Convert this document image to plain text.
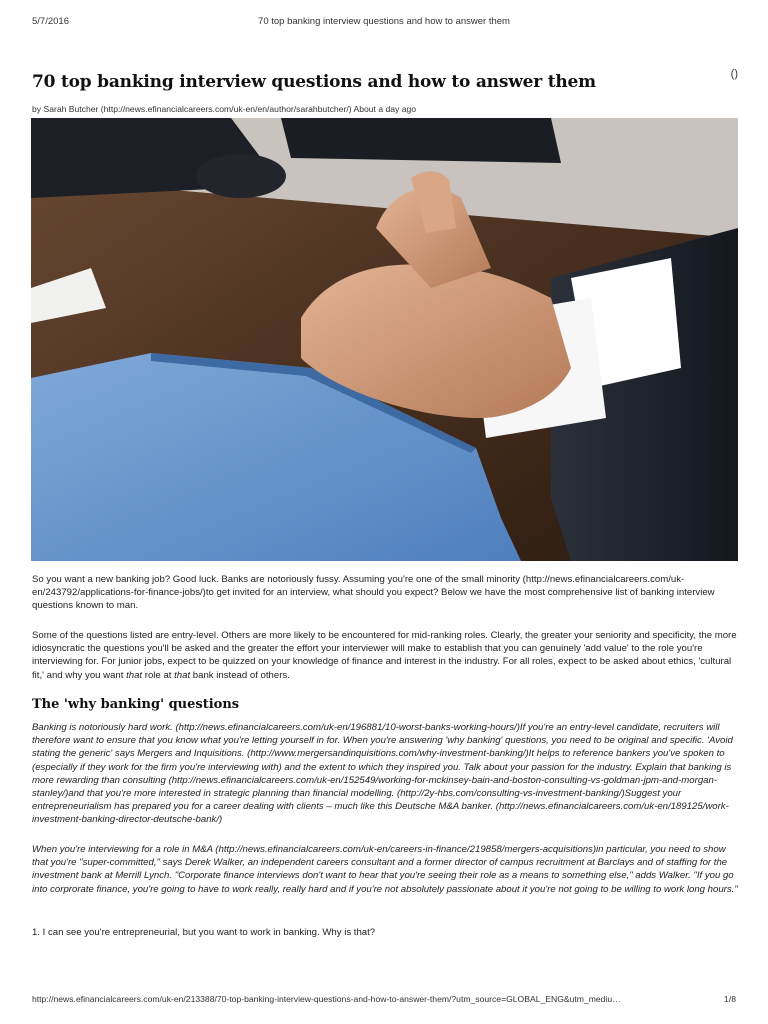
5/7/2016	70 top banking interview questions and how to answer them
()
70 top banking interview questions and how to answer them
by Sarah Butcher (http://news.efinancialcareers.com/uk-en/en/author/sarahbutcher/) About a day ago

So you want a new banking job? Good luck. Banks are notoriously fussy. Assuming you're one of the small minority (http://news.efinancialcareers.com/uk-en/243792/applications-for-finance-jobs/)to get invited for an interview, what should you expect? Below we have the most comprehensive list of banking interview questions known to man.

Some of the questions listed are entry-level. Others are more likely to be encountered for mid-ranking roles. Clearly, the greater your seniority and specificity, the more idiosyncratic the questions you'll be asked and the greater the effort your interviewer will make to establish that you can genuinely 'add value' to the role you're interviewing for. For junior jobs, expect to be quizzed on your knowledge of finance and interest in the industry. For all roles, expect to be asked about ethics, 'cultural fit,' and why you want that role at that bank instead of others.

The 'why banking' questions

Banking is notoriously hard work. (http://news.efinancialcareers.com/uk-en/196881/10-worst-banks-working-hours/)If you're an entry-level candidate, recruiters will therefore want to ensure that you know what you're letting yourself in for. When you're answering 'why banking' questions, you need to be original and specific. 'Avoid stating the generic' says Mergers and Inquisitions. (http://www.mergersandinquisitions.com/why-investment-banking/)It helps to reference bankers you've spoken to (especially if they work for the firm you're interviewing with) and the extent to which they inspired you. Talk about your passion for the industry. Explain that banking is more rewarding than consulting (http://news.efinancialcareers.com/uk-en/152549/working-for-mckinsey-bain-and-boston-consulting-vs-goldman-jpm-and-morgan-stanley/)and that you're more interested in strategic planning than financial modelling. (http://2y-hbs.com/consulting-vs-investment-banking/)Suggest your entrepreneurialism has prepared you for a career dealing with clients – much like this Deutsche M&A banker. (http://news.efinancialcareers.com/uk-en/189125/work-investment-banking-director-deutsche-bank/)

When you're interviewing for a role in M&A (http://news.efinancialcareers.com/uk-en/careers-in-finance/219858/mergers-acquisitions)in particular, you need to show that you're "super-committed," says Derek Walker, an independent careers consultant and a former director of campus recruitment at Barclays and of staffing for the investment bank at Merrill Lynch. "Corporate finance interviews don't want to hear that you're seeing their role as a means to something else," adds Walker. "If you go into corprorate finance, you're going to have to work really, really hard and if you're not absolutely passionate about it you're not going to be willing to work long hours."

1. I can see you're entrepreneurial, but you want to work in banking. Why is that?

http://news.efinancialcareers.com/uk-en/213388/70-top-banking-interview-questions-and-how-to-answer-them/?utm_source=GLOBAL_ENG&utm_mediu…	1/8
